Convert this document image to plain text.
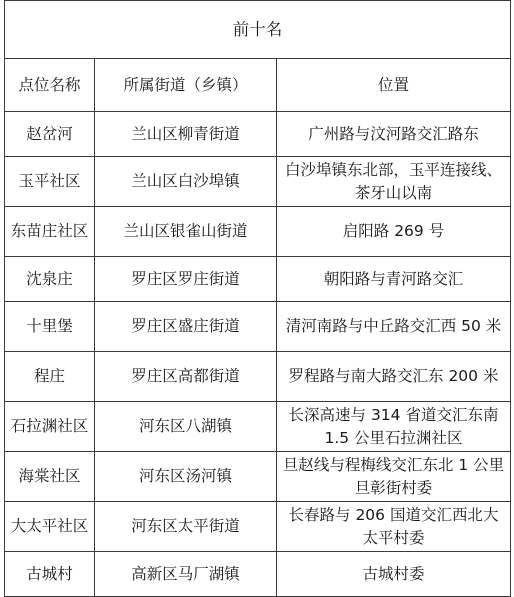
前十名		
点位名称	所属街道（乡镇）	位置
赵岔河	兰山区柳青街道	广州路与汶河路交汇路东
玉平社区	兰山区白沙埠镇	白沙埠镇东北部，玉平连接线、茶牙山以南
东苗庄社区	兰山区银雀山街道	启阳路 269 号
沈泉庄	罗庄区罗庄街道	朝阳路与青河路交汇
十里堡	罗庄区盛庄街道	清河南路与中丘路交汇西 50 米
程庄	罗庄区高都街道	罗程路与南大路交汇东 200 米
石拉渊社区	河东区八湖镇	长深高速与 314 省道交汇东南 1.5 公里石拉渊社区
海棠社区	河东区汤河镇	旦赵线与程梅线交汇东北 1 公里旦彰街村委
大太平社区	河东区太平街道	长春路与 206 国道交汇西北大太平村委
古城村	高新区马厂湖镇	古城村委
